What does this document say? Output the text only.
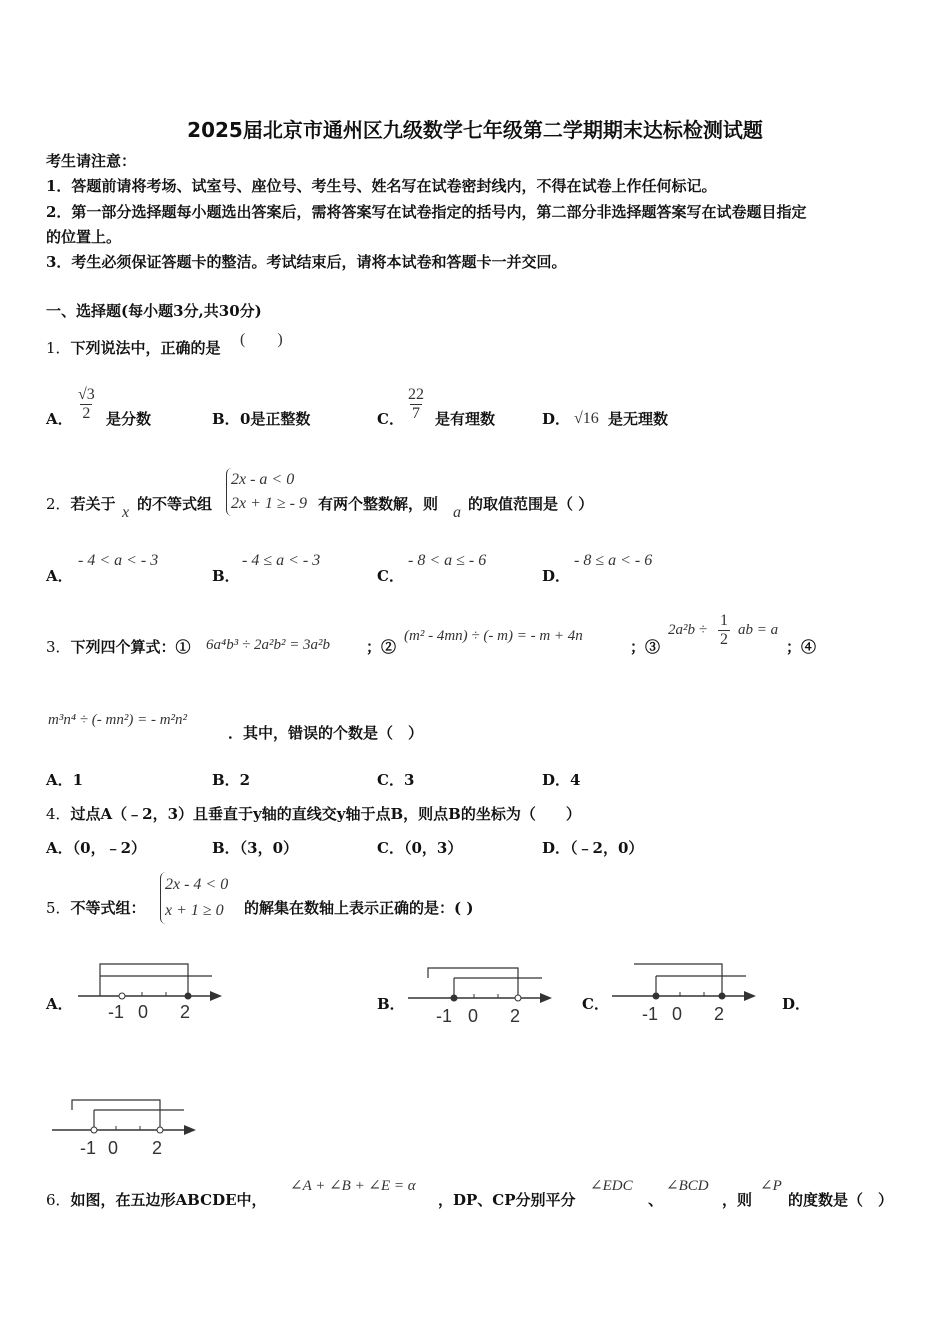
2025届北京市通州区九级数学七年级第二学期期末达标检测试题
考生请注意：
1．答题前请将考场、试室号、座位号、考生号、姓名写在试卷密封线内，不得在试卷上作任何标记。
2．第一部分选择题每小题选出答案后，需将答案写在试卷指定的括号内，第二部分非选择题答案写在试卷题目指定
的位置上。
3．考生必须保证答题卡的整洁。考试结束后，请将本试卷和答题卡一并交回。
一、选择题(每小题3分,共30分)
1．下列说法中，正确的是 (　　)
A． $\frac{√3}{2}$ 是分数	B． 0是正整数	C． $\frac{22}{7}$ 是有理数	D． √16 是无理数
2．若关于 x 的不等式组
2x - a < 0
2x + 1 ≥ - 9 有两个整数解，则 a 的取值范围是（ ）
A．
- 4 < a < - 3
B．
- 4 ≤ a < - 3
C．
- 8 < a ≤ - 6
D．
- 8 ≤ a < - 6
3．下列四个算式：① 6a⁴b³ ÷ 2a²b² = 3a²b ；②
(m² - 4mn) ÷ (- m) = - m + 4n
；③
$2a^2b \div \frac{1}{2}$ ab = a
；④
m³n⁴ ÷ (- mn²) = - m²n²
．其中，错误的个数是（　）
A．1	B．2	C．3	D．4
4．过点A（﹣2，3）且垂直于y轴的直线交y轴于点B，则点B的坐标为（　　）
A．（0，﹣2）	B．（3，0）	C．（0，3）	D．（﹣2，0）
5．不等式组：
2x - 4 < 0
x + 1 ≥ 0	的解集在数轴上表示正确的是：( )
A．	B．	C．	D．
-1 0 2	-1 0 2	-1 0 2
-1 0 2
6．如图，在五边形ABCDE中，
∠A + ∠B + ∠E = α
，DP、CP分别平分
∠EDC
、
∠BCD
，则
∠P
的度数是（　）
